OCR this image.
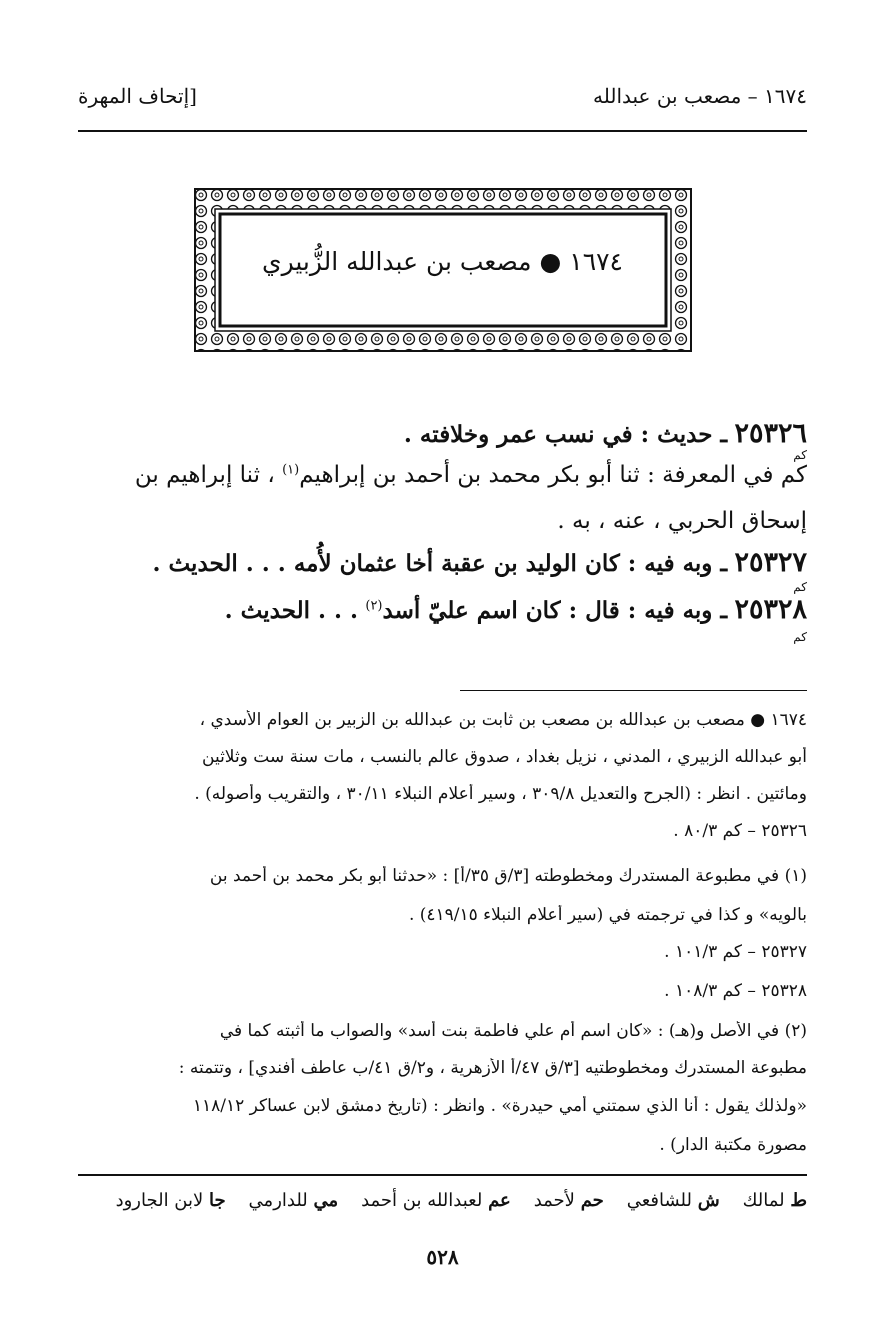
١٦٧٤ – مصعب بن عبدالله
[إتحاف المهرة
١٦٧٤ ● مصعب بن عبدالله الزُّبيري
٢٥٣٢٦ ـ حديث : في نسب عمر وخلافته .
كم
كم في المعرفة : ثنا أبو بكر محمد بن أحمد بن إبراهيم$^{(١)}$ ، ثنا إبراهيم بن
إسحاق الحربي ، عنه ، به .
٢٥٣٢٧ ـ وبه فيه : كان الوليد بن عقبة أخا عثمان لأُمه . . . الحديث .
كم
٢٥٣٢٨ ـ وبه فيه : قال : كان اسم عليّ أسد$^{(٢)}$ . . . الحديث .
كم
١٦٧٤ ● مصعب بن عبدالله بن مصعب بن ثابت بن عبدالله بن الزبير بن العوام الأسدي ،
أبو عبدالله الزبيري ، المدني ، نزيل بغداد ، صدوق عالم بالنسب ، مات سنة ست وثلاثين
ومائتين . انظر : (الجرح والتعديل ٣٠٩/٨ ، وسير أعلام النبلاء ٣٠/١١ ، والتقريب وأصوله) .
٢٥٣٢٦ – كم ٨٠/٣ .
(١) في مطبوعة المستدرك ومخطوطته [٣/ق ٣٥/أ] : «حدثنا أبو بكر محمد بن أحمد بن
بالويه» و كذا في ترجمته في (سير أعلام النبلاء ٤١٩/١٥) .
٢٥٣٢٧ – كم ١٠١/٣ .
٢٥٣٢٨ – كم ١٠٨/٣ .
(٢) في الأصل و(هـ) : «كان اسم أم علي فاطمة بنت أسد» والصواب ما أثبته كما في
مطبوعة المستدرك ومخطوطتيه [٣/ق ٤٧/أ الأزهرية ، و٢/ق ٤١/ب عاطف أفندي] ، وتتمته :
«ولذلك يقول : أنا الذي سمتني أمي حيدرة» . وانظر : (تاريخ دمشق لابن عساكر ١١٨/١٢
مصورة مكتبة الدار) .
ط لمالك    ش للشافعي    حم لأحمد    عم لعبدالله بن أحمد    مي للدارمي    جا لابن الجارود
٥٢٨
